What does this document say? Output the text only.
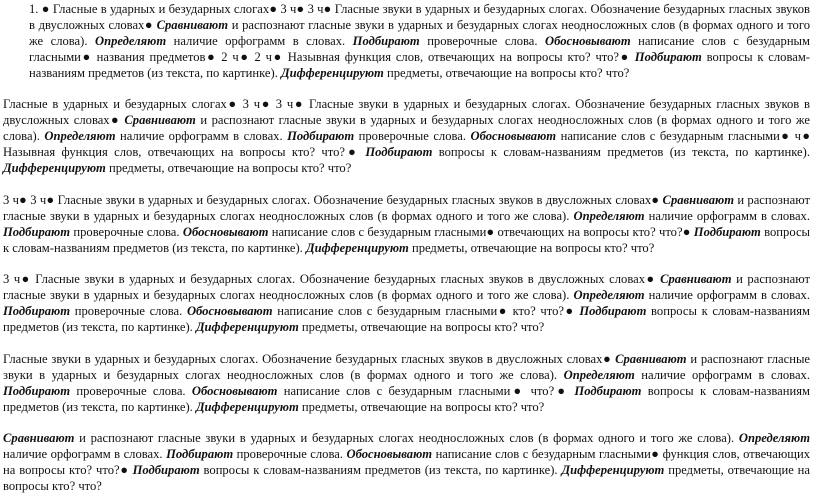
1. ● Гласные в ударных и безударных слогах● 3 ч● 3 ч● Гласные звуки в ударных и безударных слогах. Обозначение безударных гласных звуков в двусложных словах● Сравнивают и распознают гласные звуки в ударных и безударных слогах неодносложных слов (в формах одного и того же слова). Определяют наличие орфограмм в словах. Подбирают проверочные слова. Обосновывают написание слов с безударным гласными● названия предметов● 2 ч● 2 ч● Назывная функция слов, отвечающих на вопросы кто? что?● Подбирают вопросы к словам-названиям предметов (из текста, по картинке). Дифференцируют предметы, отвечающие на вопросы кто? что?

Гласные в ударных и безударных слогах● 3 ч● 3 ч● Гласные звуки в ударных и безударных слогах. Обозначение безударных гласных звуков в двусложных словах● Сравнивают и распознают гласные звуки в ударных и безударных слогах неодносложных слов (в формах одного и того же слова). Определяют наличие орфограмм в словах. Подбирают проверочные слова. Обосновывают написание слов с безударным гласными● ч● Назывная функция слов, отвечающих на вопросы кто? что?● Подбирают вопросы к словам-названиям предметов (из текста, по картинке). Дифференцируют предметы, отвечающие на вопросы кто? что?

3 ч● 3 ч● Гласные звуки в ударных и безударных слогах. Обозначение безударных гласных звуков в двусложных словах● Сравнивают и распознают гласные звуки в ударных и безударных слогах неодносложных слов (в формах одного и того же слова). Определяют наличие орфограмм в словах. Подбирают проверочные слова. Обосновывают написание слов с безударным гласными● отвечающих на вопросы кто? что?● Подбирают вопросы к словам-названиям предметов (из текста, по картинке). Дифференцируют предметы, отвечающие на вопросы кто? что?

3 ч● Гласные звуки в ударных и безударных слогах. Обозначение безударных гласных звуков в двусложных словах● Сравнивают и распознают гласные звуки в ударных и безударных слогах неодносложных слов (в формах одного и того же слова). Определяют наличие орфограмм в словах. Подбирают проверочные слова. Обосновывают написание слов с безударным гласными● кто? что?● Подбирают вопросы к словам-названиям предметов (из текста, по картинке). Дифференцируют предметы, отвечающие на вопросы кто? что?

Гласные звуки в ударных и безударных слогах. Обозначение безударных гласных звуков в двусложных словах● Сравнивают и распознают гласные звуки в ударных и безударных слогах неодносложных слов (в формах одного и того же слова). Определяют наличие орфограмм в словах. Подбирают проверочные слова. Обосновывают написание слов с безударным гласными● что?● Подбирают вопросы к словам-названиям предметов (из текста, по картинке). Дифференцируют предметы, отвечающие на вопросы кто? что?

Сравнивают и распознают гласные звуки в ударных и безударных слогах неодносложных слов (в формах одного и того же слова). Определяют наличие орфограмм в словах. Подбирают проверочные слова. Обосновывают написание слов с безударным гласными● функция слов, отвечающих на вопросы кто? что?● Подбирают вопросы к словам-названиям предметов (из текста, по картинке). Дифференцируют предметы, отвечающие на вопросы кто? что?
